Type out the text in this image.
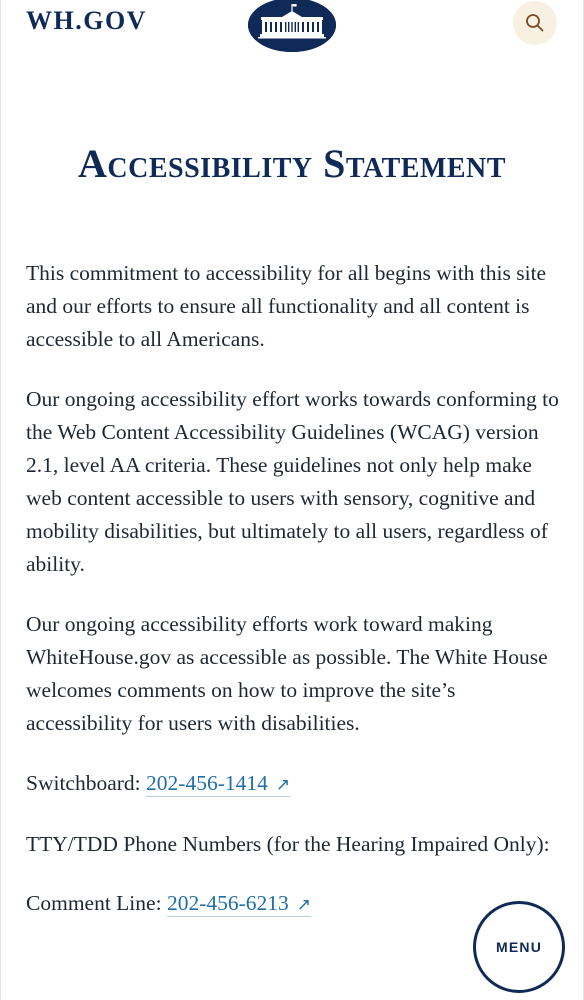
WH.GOV
Accessibility Statement

This commitment to accessibility for all begins with this site and our efforts to ensure all functionality and all content is accessible to all Americans.

Our ongoing accessibility effort works towards conforming to the Web Content Accessibility Guidelines (WCAG) version 2.1, level AA criteria. These guidelines not only help make web content accessible to users with sensory, cognitive and mobility disabilities, but ultimately to all users, regardless of ability.

Our ongoing accessibility efforts work toward making WhiteHouse.gov as accessible as possible. The White House welcomes comments on how to improve the site’s accessibility for users with disabilities.

Switchboard: 202-456-1414 ↗

TTY/TDD Phone Numbers (for the Hearing Impaired Only):

Comment Line: 202-456-6213 ↗

MENU
